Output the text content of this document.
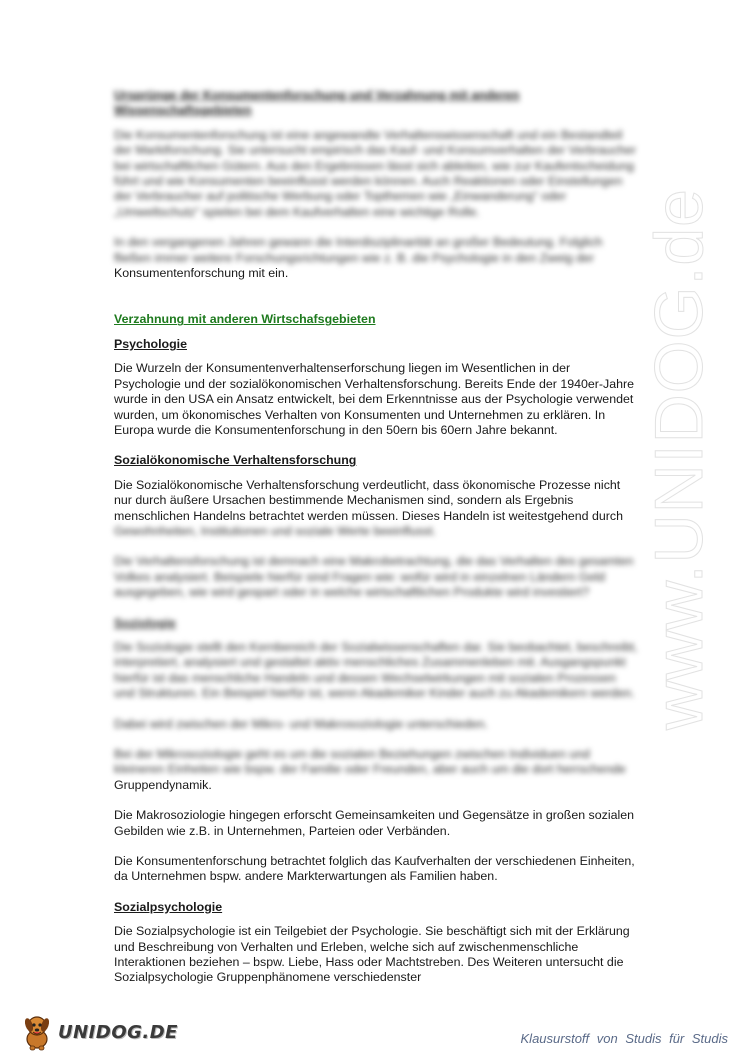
www.UNIDOG.de
Ursprünge der Konsumentenforschung und Verzahnung mit anderen Wissenschaftsgebieten

Die Konsumentenforschung ist eine angewandte Verhaltenswissenschaft und ein Bestandteil der Marktforschung. Sie untersucht empirisch das Kauf- und Konsumverhalten der Verbraucher bei wirtschaftlichen Gütern. Aus den Ergebnissen lässt sich ableiten, wie zur Kaufentscheidung führt und wie Konsumenten beeinflusst werden können. Auch Reaktionen oder Einstellungen der Verbraucher auf politische Werbung oder Topthemen wie „Einwanderung“ oder „Umweltschutz“ spielen bei dem Kaufverhalten eine wichtige Rolle.

In den vergangenen Jahren gewann die Interdisziplinarität an großer Bedeutung. Folglich fließen immer weitere Forschungsrichtungen wie z. B. die Psychologie in den Zweig der Konsumentenforschung mit ein.

Verzahnung mit anderen Wirtschafsgebieten
Psychologie

Die Wurzeln der Konsumentenverhaltenserforschung liegen im Wesentlichen in der Psychologie und der sozialökonomischen Verhaltensforschung. Bereits Ende der 1940er-Jahre wurde in den USA ein Ansatz entwickelt, bei dem Erkenntnisse aus der Psychologie verwendet wurden, um ökonomisches Verhalten von Konsumenten und Unternehmen zu erklären. In Europa wurde die Konsumentenforschung in den 50ern bis 60ern Jahre bekannt.

Sozialökonomische Verhaltensforschung

Die Sozialökonomische Verhaltensforschung verdeutlicht, dass ökonomische Prozesse nicht nur durch äußere Ursachen bestimmende Mechanismen sind, sondern als Ergebnis menschlichen Handelns betrachtet werden müssen. Dieses Handeln ist weitestgehend durch Gewohnheiten, Institutionen und soziale Werte beeinflusst.

Die Verhaltensforschung ist demnach eine Makrobetrachtung, die das Verhalten des gesamten Volkes analysiert. Beispiele hierfür sind Fragen wie: wofür wird in einzelnen Ländern Geld ausgegeben, wie wird gespart oder in welche wirtschaftlichen Produkte wird investiert?

Soziologie

Die Soziologie stellt den Kernbereich der Sozialwissenschaften dar. Sie beobachtet, beschreibt, interpretiert, analysiert und gestaltet aktiv menschliches Zusammenleben mit. Ausgangspunkt hierfür ist das menschliche Handeln und dessen Wechselwirkungen mit sozialen Prozessen und Strukturen. Ein Beispiel hierfür ist, wenn Akademiker Kinder auch zu Akademikern werden.

Dabei wird zwischen der Mikro- und Makrosoziologie unterschieden.

Bei der Mikrosoziologie geht es um die sozialen Beziehungen zwischen Individuen und kleineren Einheiten wie bspw. der Familie oder Freunden, aber auch um die dort herrschende Gruppendynamik.

Die Makrosoziologie hingegen erforscht Gemeinsamkeiten und Gegensätze in großen sozialen Gebilden wie z.B. in Unternehmen, Parteien oder Verbänden.

Die Konsumentenforschung betrachtet folglich das Kaufverhalten der verschiedenen Einheiten, da Unternehmen bspw. andere Markterwartungen als Familien haben.

Sozialpsychologie

Die Sozialpsychologie ist ein Teilgebiet der Psychologie. Sie beschäftigt sich mit der Erklärung und Beschreibung von Verhalten und Erleben, welche sich auf zwischenmenschliche Interaktionen beziehen – bspw. Liebe, Hass oder Machtstreben. Des Weiteren untersucht die Sozialpsychologie Gruppenphänomene verschiedenster

UNIDOG.DE	Klausurstoff von Studis für Studis
